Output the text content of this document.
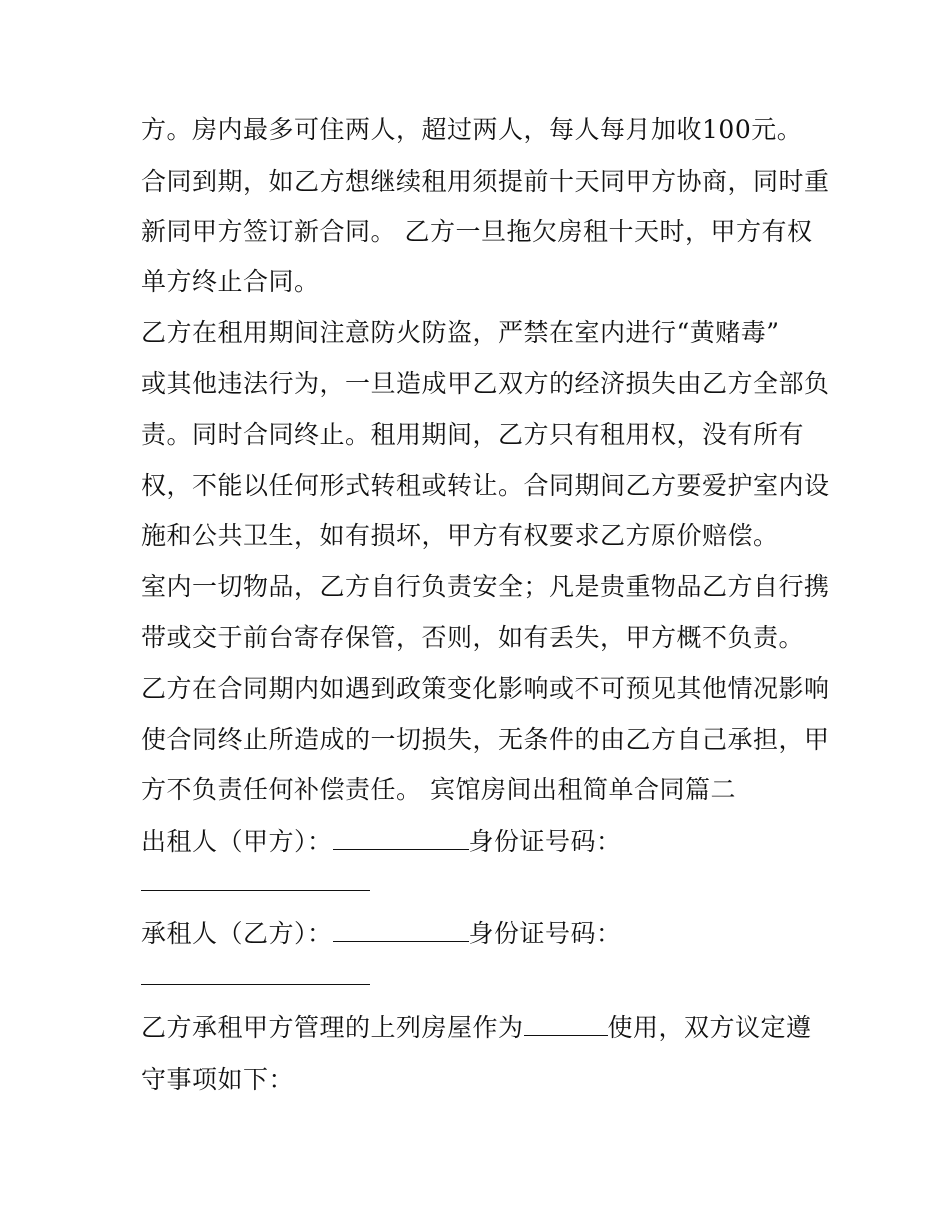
方。房内最多可住两人，超过两人，每人每月加收100元。
合同到期，如乙方想继续租用须提前十天同甲方协商，同时重
新同甲方签订新合同。 乙方一旦拖欠房租十天时，甲方有权
单方终止合同。
乙方在租用期间注意防火防盗，严禁在室内进行“黄赌毒”
或其他违法行为，一旦造成甲乙双方的经济损失由乙方全部负
责。同时合同终止。租用期间，乙方只有租用权，没有所有
权，不能以任何形式转租或转让。合同期间乙方要爱护室内设
施和公共卫生，如有损坏，甲方有权要求乙方原价赔偿。
室内一切物品，乙方自行负责安全；凡是贵重物品乙方自行携
带或交于前台寄存保管，否则，如有丢失，甲方概不负责。
乙方在合同期内如遇到政策变化影响或不可预见其他情况影响
使合同终止所造成的一切损失，无条件的由乙方自己承担，甲
方不负责任何补偿责任。 宾馆房间出租简单合同篇二
出租人（甲方）：	身份证号码：
承租人（乙方）：	身份证号码：
乙方承租甲方管理的上列房屋作为	使用，双方议定遵
守事项如下：
